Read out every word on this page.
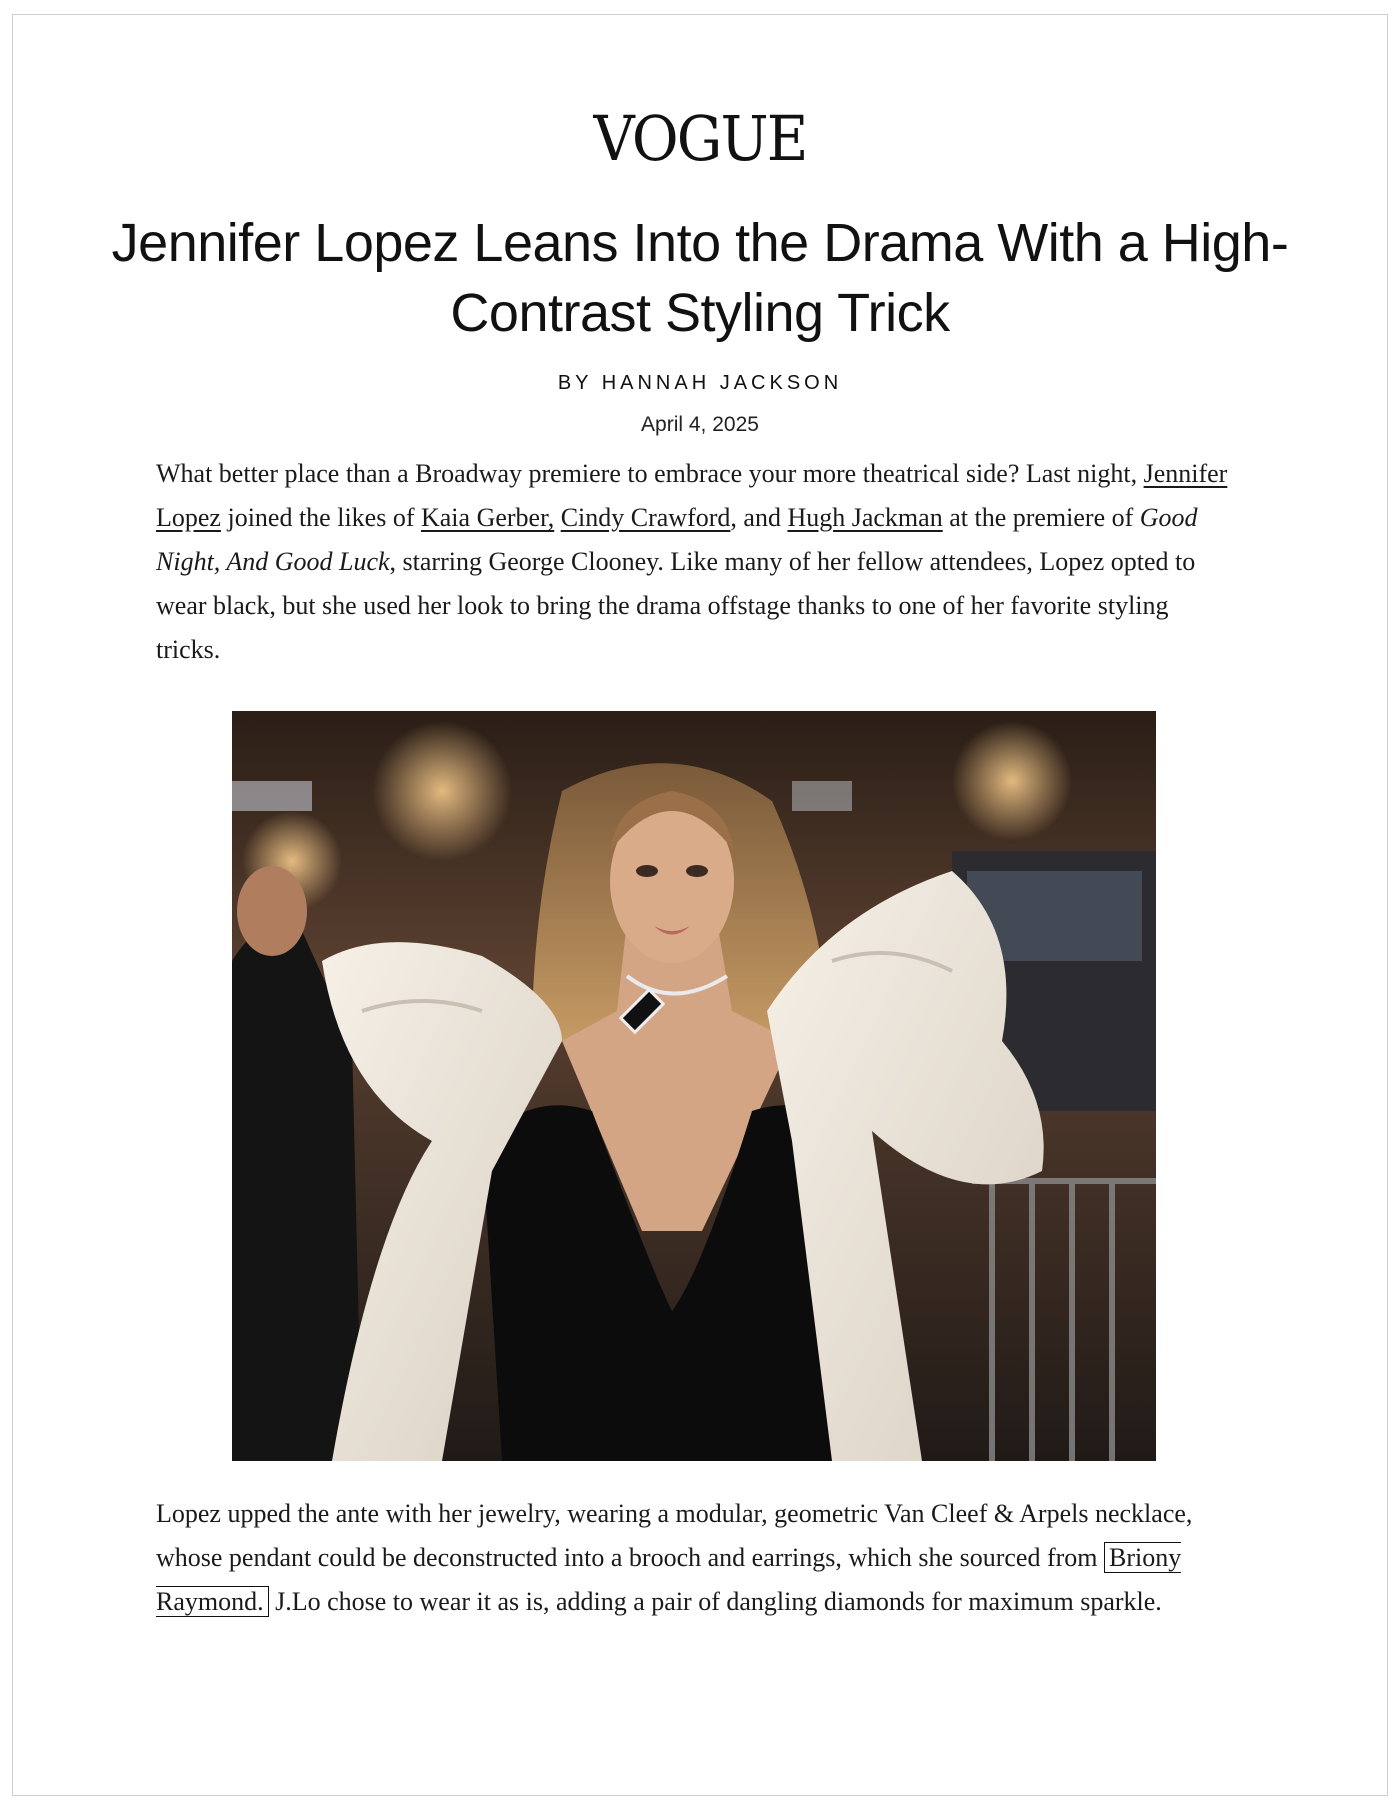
VOGUE
Jennifer Lopez Leans Into the Drama With a High-Contrast Styling Trick
BY HANNAH JACKSON
April 4, 2025

What better place than a Broadway premiere to embrace your more theatrical side? Last night, Jennifer Lopez joined the likes of Kaia Gerber, Cindy Crawford, and Hugh Jackman at the premiere of Good Night, And Good Luck, starring George Clooney. Like many of her fellow attendees, Lopez opted to wear black, but she used her look to bring the drama offstage thanks to one of her favorite styling tricks.

Lopez upped the ante with her jewelry, wearing a modular, geometric Van Cleef & Arpels necklace, whose pendant could be deconstructed into a brooch and earrings, which she sourced from Briony Raymond. J.Lo chose to wear it as is, adding a pair of dangling diamonds for maximum sparkle.
